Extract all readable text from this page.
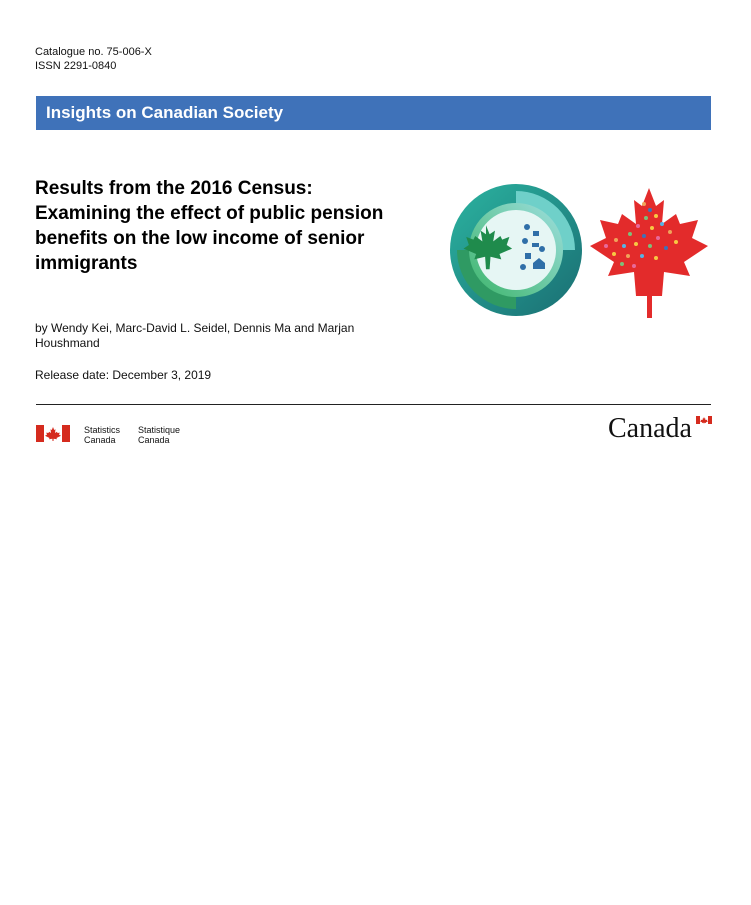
Catalogue no. 75-006-X
ISSN 2291-0840
Insights on Canadian Society
Results from the 2016 Census:
Examining the effect of public pension
benefits on the low income of senior
immigrants
by Wendy Kei, Marc-David L. Seidel, Dennis Ma and Marjan Houshmand
Release date: December 3, 2019
Statistics
Canada
Statistique
Canada	Canada
